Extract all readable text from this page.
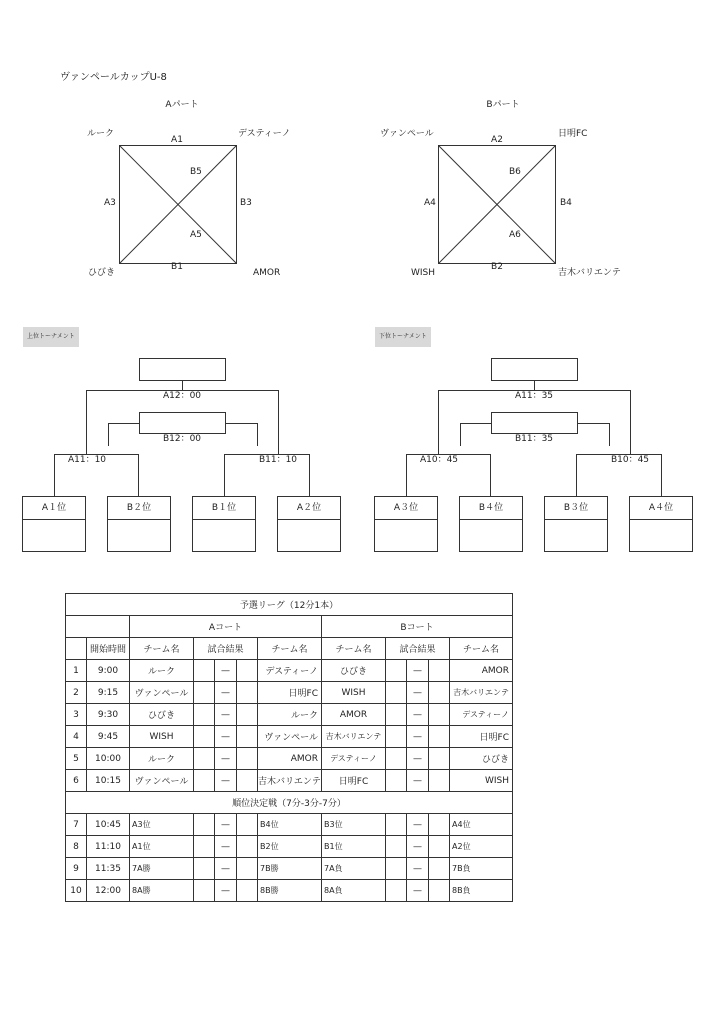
ヴァンペールカップU-8
Aパート
ルーク	デスティーノ
ひびき	AMOR
A1
B1
A3	B3
B5
A5
Bパート
ヴァンペール	日明FC
WISH	吉木バリエンテ
A2
B2
A4	B4
B6
A6
上位トーナメント
A12：00
B12：00
A11：10	B11：10
A１位	B２位	B１位	A２位
下位トーナメント
A11：35
B11：35
A10：45	B10：45
A３位	B４位	B３位	A４位
予選リーグ（12分1本）											
		Aコート					Bコート				
	開始時間	チーム名	試合結果			チーム名	チーム名	試合結果			チーム名
1	9:00	ルーク		—		デスティーノ	ひびき		—		AMOR
2	9:15	ヴァンペール		—		日明FC	WISH		—		吉木バリエンテ
3	9:30	ひびき		—		ルーク	AMOR		—		デスティーノ
4	9:45	WISH		—		ヴァンペール	吉木バリエンテ		—		日明FC
5	10:00	ルーク		—		AMOR	デスティーノ		—		ひびき
6	10:15	ヴァンペール		—		吉木バリエンテ	日明FC		—		WISH
順位決定戦（7分-3分-7分）											
7	10:45	A3位		—		B4位	B3位		—		A4位
8	11:10	A1位		—		B2位	B1位		—		A2位
9	11:35	7A勝		—		7B勝	7A負		—		7B負
10	12:00	8A勝		—		8B勝	8A負		—		8B負
